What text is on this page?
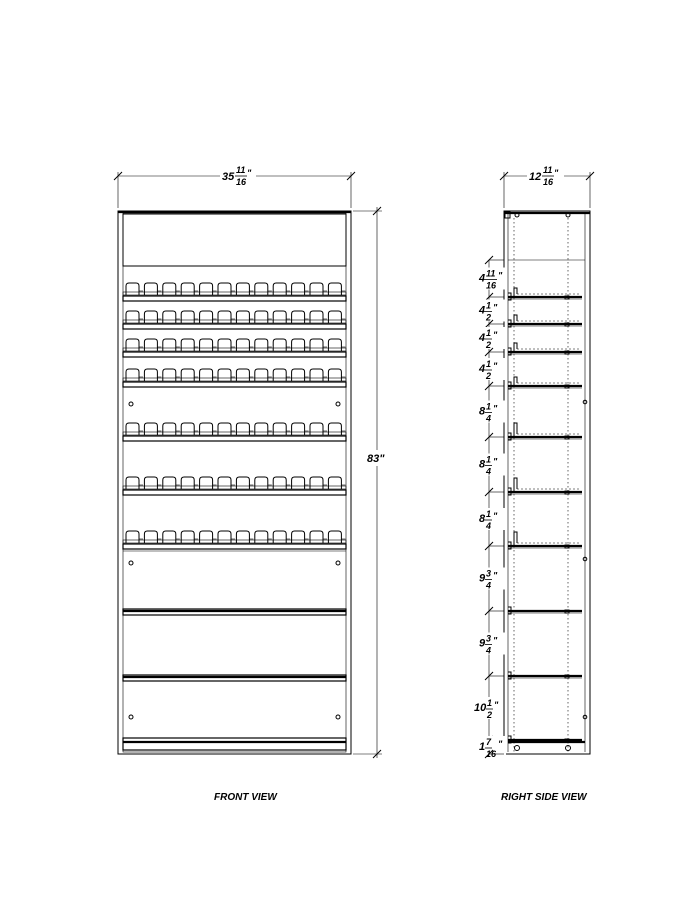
35
11
16
"
83"
FRONT VIEW
12
11
16
"
4 11
16
"
4 1
2
"
4 1
2
"
4 1
2
"
8 1
4
"
8 1
4
"
8 1
4
"
9 3
4
"
9 3
4
"
10 1
2
"
1 7
16
"
RIGHT SIDE VIEW
